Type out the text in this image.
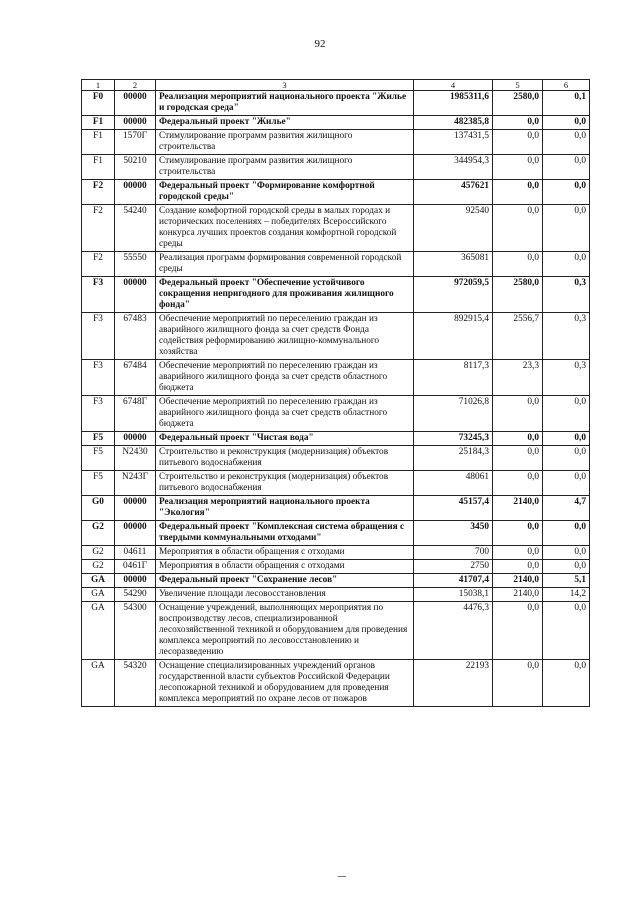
92
1	2	3	4	5	6
F0	00000	Реализация мероприятий национального проекта "Жилье и городская среда"	1985311,6	2580,0	0,1
F1	00000	Федеральный проект "Жилье"	482385,8	0,0	0,0
F1	1570Г	Стимулирование программ развития жилищного строительства	137431,5	0,0	0,0
F1	50210	Стимулирование программ развития жилищного строительства	344954,3	0,0	0,0
F2	00000	Федеральный проект "Формирование комфортной городской среды"	457621	0,0	0,0
F2	54240	Создание комфортной городской среды в малых городах и исторических поселениях – победителях Всероссийского конкурса лучших проектов создания комфортной городской среды	92540	0,0	0,0
F2	55550	Реализация программ формирования современной городской среды	365081	0,0	0,0
F3	00000	Федеральный проект "Обеспечение устойчивого сокращения непригодного для проживания жилищного фонда"	972059,5	2580,0	0,3
F3	67483	Обеспечение мероприятий по переселению граждан из аварийного жилищного фонда за счет средств Фонда содействия реформированию жилищно-коммунального хозяйства	892915,4	2556,7	0,3
F3	67484	Обеспечение мероприятий по переселению граждан из аварийного жилищного фонда за счет средств областного бюджета	8117,3	23,3	0,3
F3	6748Г	Обеспечение мероприятий по переселению граждан из аварийного жилищного фонда за счет средств областного бюджета	71026,8	0,0	0,0
F5	00000	Федеральный проект "Чистая вода"	73245,3	0,0	0,0
F5	N2430	Строительство и реконструкция (модернизация) объектов питьевого водоснабжения	25184,3	0,0	0,0
F5	N243Г	Строительство и реконструкция (модернизация) объектов питьевого водоснабжения	48061	0,0	0,0
G0	00000	Реализация мероприятий национального проекта "Экология"	45157,4	2140,0	4,7
G2	00000	Федеральный проект "Комплексная система обращения с твердыми коммунальными отходами"	3450	0,0	0,0
G2	04611	Мероприятия в области обращения с отходами	700	0,0	0,0
G2	0461Г	Мероприятия в области обращения с отходами	2750	0,0	0,0
GA	00000	Федеральный проект "Сохранение лесов"	41707,4	2140,0	5,1
GA	54290	Увеличение площади лесовосстановления	15038,1	2140,0	14,2
GA	54300	Оснащение учреждений, выполняющих мероприятия по воспроизводству лесов, специализированной лесохозяйственной техникой и оборудованием для проведения комплекса мероприятий по лесовосстановлению и лесоразведению	4476,3	0,0	0,0
GA	54320	Оснащение специализированных учреждений органов государственной власти субъектов Российской Федерации лесопожарной техникой и оборудованием для проведения комплекса мероприятий по охране лесов от пожаров	22193	0,0	0,0
